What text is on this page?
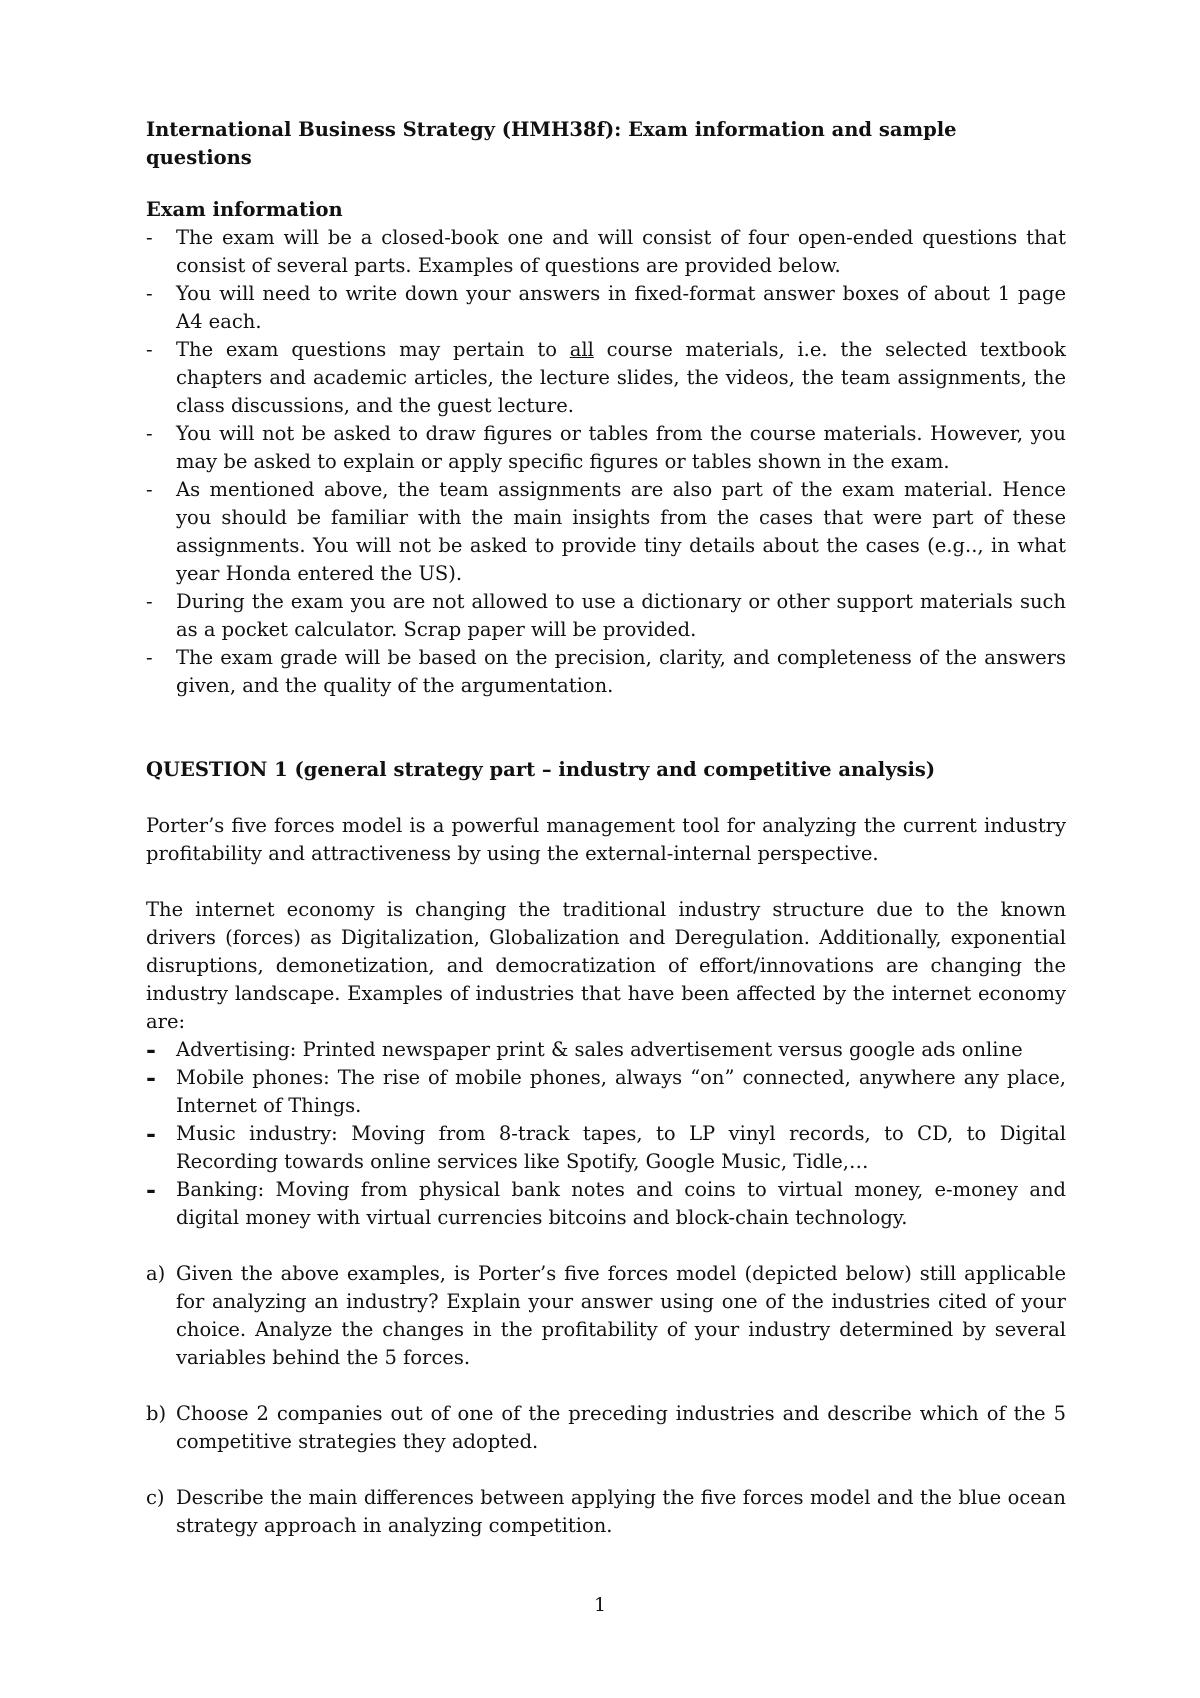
International Business Strategy (HMH38f): Exam information and sample questions

Exam information

-	The exam will be a closed-book one and will consist of four open-ended questions that consist of several parts. Examples of questions are provided below.
-	You will need to write down your answers in fixed-format answer boxes of about 1 page A4 each.
-	The exam questions may pertain to all course materials, i.e. the selected textbook chapters and academic articles, the lecture slides, the videos, the team assignments, the class discussions, and the guest lecture.
-	You will not be asked to draw figures or tables from the course materials. However, you may be asked to explain or apply specific figures or tables shown in the exam.
-	As mentioned above, the team assignments are also part of the exam material. Hence you should be familiar with the main insights from the cases that were part of these assignments. You will not be asked to provide tiny details about the cases (e.g.., in what year Honda entered the US).
-	During the exam you are not allowed to use a dictionary or other support materials such as a pocket calculator. Scrap paper will be provided.
-	The exam grade will be based on the precision, clarity, and completeness of the answers given, and the quality of the argumentation.

QUESTION 1 (general strategy part – industry and competitive analysis)

Porter’s five forces model is a powerful management tool for analyzing the current industry profitability and attractiveness by using the external-internal perspective.

The internet economy is changing the traditional industry structure due to the known drivers (forces) as Digitalization, Globalization and Deregulation. Additionally, exponential disruptions, demonetization, and democratization of effort/innovations are changing the industry landscape. Examples of industries that have been affected by the internet economy are:

-	Advertising: Printed newspaper print & sales advertisement versus google ads online
-	Mobile phones: The rise of mobile phones, always “on” connected, anywhere any place, Internet of Things.
-	Music industry: Moving from 8-track tapes, to LP vinyl records, to CD, to Digital Recording towards online services like Spotify, Google Music, Tidle,…
-	Banking: Moving from physical bank notes and coins to virtual money, e-money and digital money with virtual currencies bitcoins and block-chain technology.

a) Given the above examples, is Porter’s five forces model (depicted below) still applicable for analyzing an industry? Explain your answer using one of the industries cited of your choice. Analyze the changes in the profitability of your industry determined by several variables behind the 5 forces.

b) Choose 2 companies out of one of the preceding industries and describe which of the 5 competitive strategies they adopted.

c) Describe the main differences between applying the five forces model and the blue ocean strategy approach in analyzing competition.
1
